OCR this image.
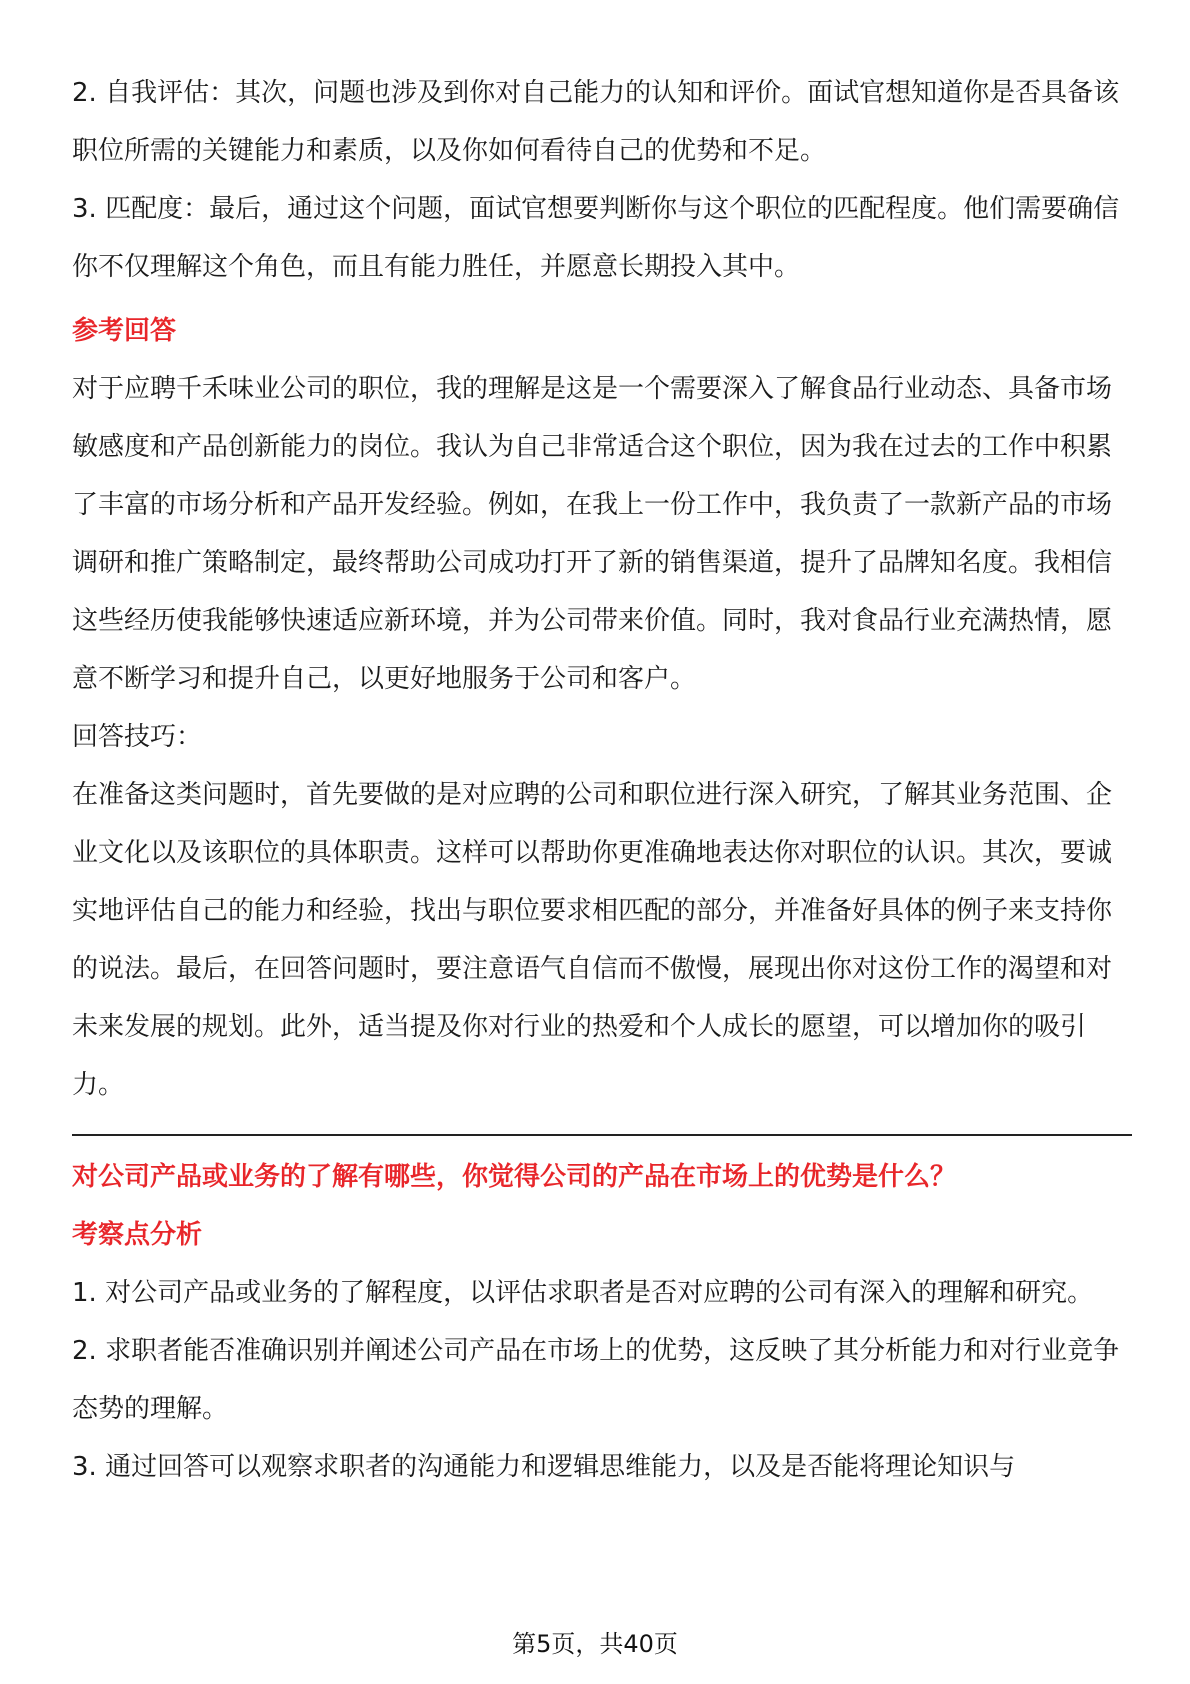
2. 自我评估：其次，问题也涉及到你对自己能力的认知和评价。面试官想知道你是否具备该职位所需的关键能力和素质，以及你如何看待自己的优势和不足。

3. 匹配度：最后，通过这个问题，面试官想要判断你与这个职位的匹配程度。他们需要确信你不仅理解这个角色，而且有能力胜任，并愿意长期投入其中。

参考回答

对于应聘千禾味业公司的职位，我的理解是这是一个需要深入了解食品行业动态、具备市场敏感度和产品创新能力的岗位。我认为自己非常适合这个职位，因为我在过去的工作中积累了丰富的市场分析和产品开发经验。例如，在我上一份工作中，我负责了一款新产品的市场调研和推广策略制定，最终帮助公司成功打开了新的销售渠道，提升了品牌知名度。我相信这些经历使我能够快速适应新环境，并为公司带来价值。同时，我对食品行业充满热情，愿意不断学习和提升自己，以更好地服务于公司和客户。

回答技巧：

在准备这类问题时，首先要做的是对应聘的公司和职位进行深入研究，了解其业务范围、企业文化以及该职位的具体职责。这样可以帮助你更准确地表达你对职位的认识。其次，要诚实地评估自己的能力和经验，找出与职位要求相匹配的部分，并准备好具体的例子来支持你的说法。最后，在回答问题时，要注意语气自信而不傲慢，展现出你对这份工作的渴望和对未来发展的规划。此外，适当提及你对行业的热爱和个人成长的愿望，可以增加你的吸引力。

对公司产品或业务的了解有哪些，你觉得公司的产品在市场上的优势是什么？
考察点分析

1. 对公司产品或业务的了解程度，以评估求职者是否对应聘的公司有深入的理解和研究。

2. 求职者能否准确识别并阐述公司产品在市场上的优势，这反映了其分析能力和对行业竞争态势的理解。

3. 通过回答可以观察求职者的沟通能力和逻辑思维能力，以及是否能将理论知识与

第5页，共40页
